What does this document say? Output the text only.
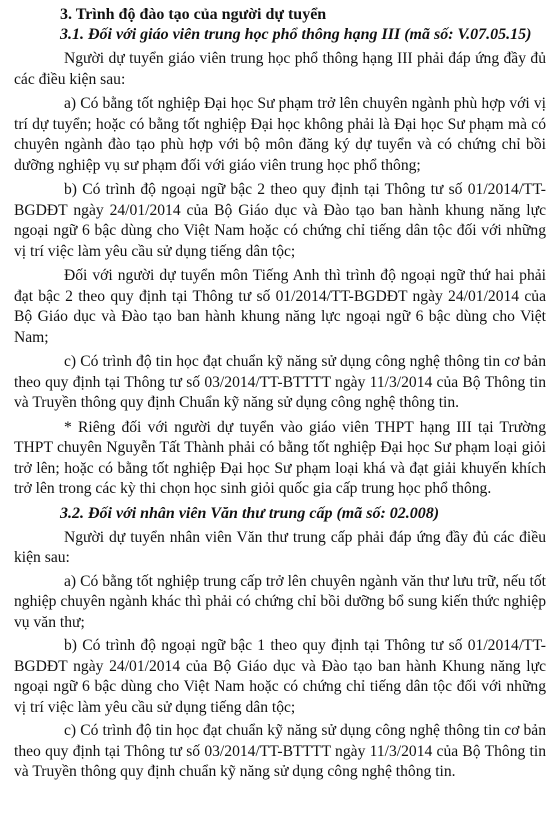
3. Trình độ đào tạo của người dự tuyển
3.1. Đối với giáo viên trung học phổ thông hạng III (mã số: V.07.05.15)

Người dự tuyển giáo viên trung học phổ thông hạng III phải đáp ứng đầy đủ các điều kiện sau:

a) Có bằng tốt nghiệp Đại học Sư phạm trở lên chuyên ngành phù hợp với vị trí dự tuyển; hoặc có bằng tốt nghiệp Đại học không phải là Đại học Sư phạm mà có chuyên ngành đào tạo phù hợp với bộ môn đăng ký dự tuyển và có chứng chỉ bồi dưỡng nghiệp vụ sư phạm đối với giáo viên trung học phổ thông;

b) Có trình độ ngoại ngữ bậc 2 theo quy định tại Thông tư số 01/2014/TT-BGDĐT ngày 24/01/2014 của Bộ Giáo dục và Đào tạo ban hành khung năng lực ngoại ngữ 6 bậc dùng cho Việt Nam hoặc có chứng chỉ tiếng dân tộc đối với những vị trí việc làm yêu cầu sử dụng tiếng dân tộc;

Đối với người dự tuyển môn Tiếng Anh thì trình độ ngoại ngữ thứ hai phải đạt bậc 2 theo quy định tại Thông tư số 01/2014/TT-BGDĐT ngày 24/01/2014 của Bộ Giáo dục và Đào tạo ban hành khung năng lực ngoại ngữ 6 bậc dùng cho Việt Nam;

c) Có trình độ tin học đạt chuẩn kỹ năng sử dụng công nghệ thông tin cơ bản theo quy định tại Thông tư số 03/2014/TT-BTTTT ngày 11/3/2014 của Bộ Thông tin và Truyền thông quy định Chuẩn kỹ năng sử dụng công nghệ thông tin.

* Riêng đối với người dự tuyển vào giáo viên THPT hạng III tại Trường THPT chuyên Nguyễn Tất Thành phải có bằng tốt nghiệp Đại học Sư phạm loại giỏi trở lên; hoặc có bằng tốt nghiệp Đại học Sư phạm loại khá và đạt giải khuyến khích trở lên trong các kỳ thi chọn học sinh giỏi quốc gia cấp trung học phổ thông.

3.2. Đối với nhân viên Văn thư trung cấp (mã số: 02.008)

Người dự tuyển nhân viên Văn thư trung cấp phải đáp ứng đầy đủ các điều kiện sau:

a) Có bằng tốt nghiệp trung cấp trở lên chuyên ngành văn thư lưu trữ, nếu tốt nghiệp chuyên ngành khác thì phải có chứng chỉ bồi dưỡng bổ sung kiến thức nghiệp vụ văn thư;

b) Có trình độ ngoại ngữ bậc 1 theo quy định tại Thông tư số 01/2014/TT-BGDĐT ngày 24/01/2014 của Bộ Giáo dục và Đào tạo ban hành Khung năng lực ngoại ngữ 6 bậc dùng cho Việt Nam hoặc có chứng chỉ tiếng dân tộc đối với những vị trí việc làm yêu cầu sử dụng tiếng dân tộc;

c) Có trình độ tin học đạt chuẩn kỹ năng sử dụng công nghệ thông tin cơ bản theo quy định tại Thông tư số 03/2014/TT-BTTTT ngày 11/3/2014 của Bộ Thông tin và Truyền thông quy định chuẩn kỹ năng sử dụng công nghệ thông tin.
